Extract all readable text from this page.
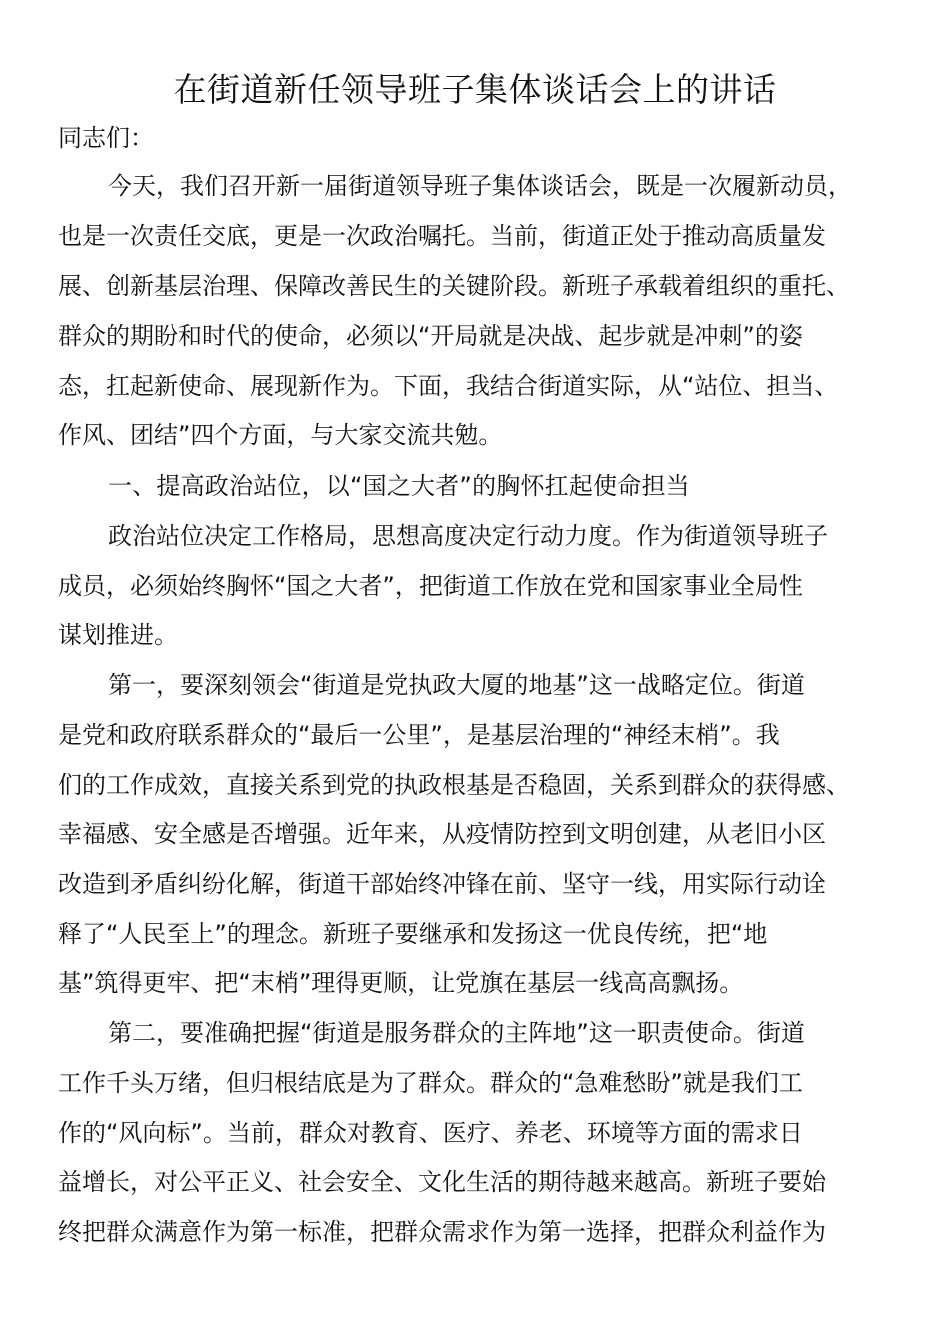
在街道新任领导班子集体谈话会上的讲话
同志们：
今天，我们召开新一届街道领导班子集体谈话会，既是一次履新动员，
也是一次责任交底，更是一次政治嘱托。当前，街道正处于推动高质量发
展、创新基层治理、保障改善民生的关键阶段。新班子承载着组织的重托、
群众的期盼和时代的使命，必须以“开局就是决战、起步就是冲刺”的姿
态，扛起新使命、展现新作为。下面，我结合街道实际，从“站位、担当、
作风、团结”四个方面，与大家交流共勉。
一、提高政治站位，以“国之大者”的胸怀扛起使命担当
政治站位决定工作格局，思想高度决定行动力度。作为街道领导班子
成员，必须始终胸怀“国之大者”，把街道工作放在党和国家事业全局性
谋划推进。
第一，要深刻领会“街道是党执政大厦的地基”这一战略定位。街道
是党和政府联系群众的“最后一公里”，是基层治理的“神经末梢”。我
们的工作成效，直接关系到党的执政根基是否稳固，关系到群众的获得感、
幸福感、安全感是否增强。近年来，从疫情防控到文明创建，从老旧小区
改造到矛盾纠纷化解，街道干部始终冲锋在前、坚守一线，用实际行动诠
释了“人民至上”的理念。新班子要继承和发扬这一优良传统，把“地
基”筑得更牢、把“末梢”理得更顺，让党旗在基层一线高高飘扬。
第二，要准确把握“街道是服务群众的主阵地”这一职责使命。街道
工作千头万绪，但归根结底是为了群众。群众的“急难愁盼”就是我们工
作的“风向标”。当前，群众对教育、医疗、养老、环境等方面的需求日
益增长，对公平正义、社会安全、文化生活的期待越来越高。新班子要始
终把群众满意作为第一标准，把群众需求作为第一选择，把群众利益作为
